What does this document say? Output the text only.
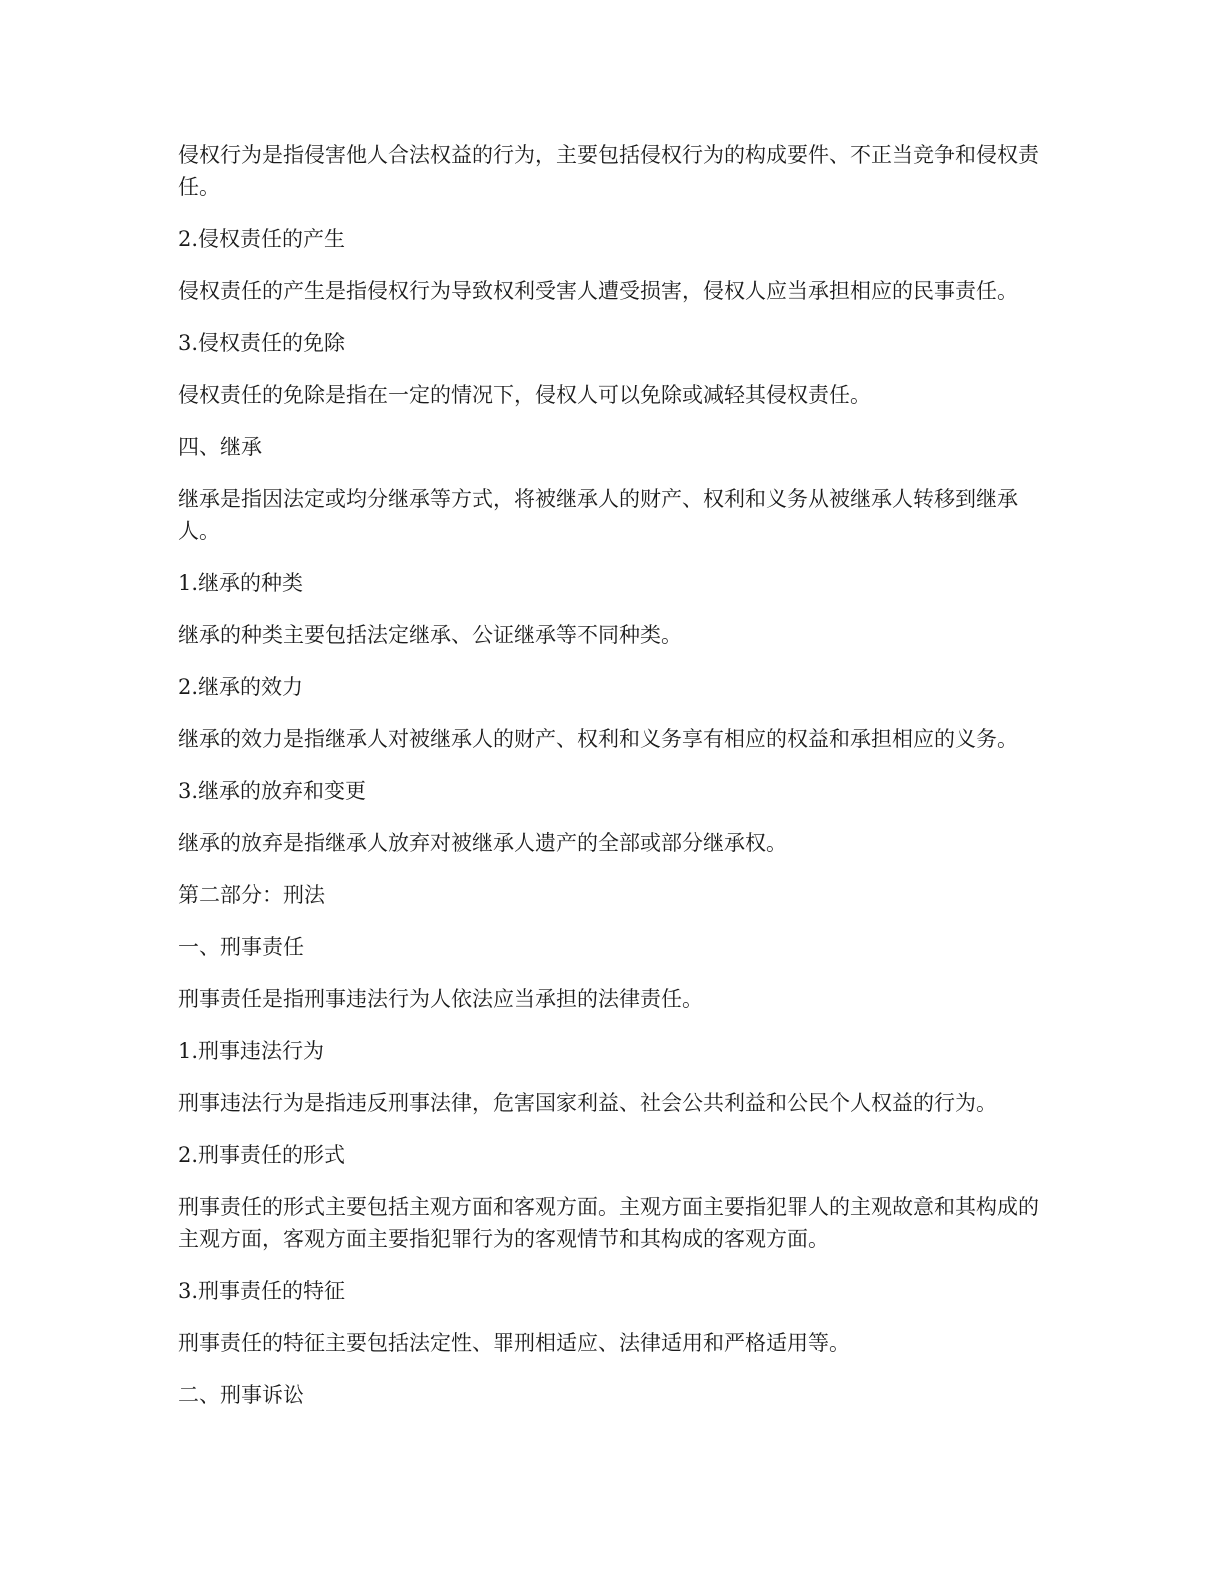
侵权行为是指侵害他人合法权益的行为，主要包括侵权行为的构成要件、不正当竞争和侵权责任。

2.侵权责任的产生

侵权责任的产生是指侵权行为导致权利受害人遭受损害，侵权人应当承担相应的民事责任。

3.侵权责任的免除

侵权责任的免除是指在一定的情况下，侵权人可以免除或减轻其侵权责任。

四、继承

继承是指因法定或均分继承等方式，将被继承人的财产、权利和义务从被继承人转移到继承人。

1.继承的种类

继承的种类主要包括法定继承、公证继承等不同种类。

2.继承的效力

继承的效力是指继承人对被继承人的财产、权利和义务享有相应的权益和承担相应的义务。

3.继承的放弃和变更

继承的放弃是指继承人放弃对被继承人遗产的全部或部分继承权。

第二部分：刑法

一、刑事责任

刑事责任是指刑事违法行为人依法应当承担的法律责任。

1.刑事违法行为

刑事违法行为是指违反刑事法律，危害国家利益、社会公共利益和公民个人权益的行为。

2.刑事责任的形式

刑事责任的形式主要包括主观方面和客观方面。主观方面主要指犯罪人的主观故意和其构成的主观方面，客观方面主要指犯罪行为的客观情节和其构成的客观方面。

3.刑事责任的特征

刑事责任的特征主要包括法定性、罪刑相适应、法律适用和严格适用等。

二、刑事诉讼
